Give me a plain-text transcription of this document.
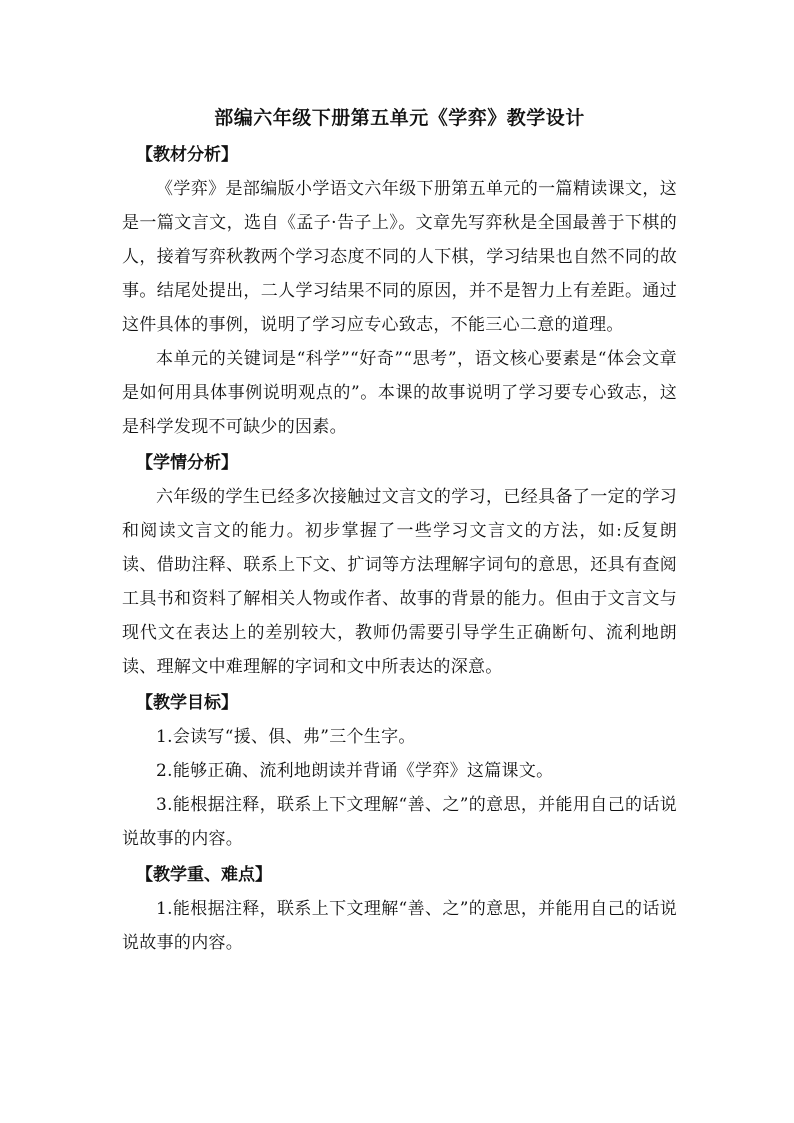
部编六年级下册第五单元《学弈》教学设计

【教材分析】

《学弈》是部编版小学语文六年级下册第五单元的一篇精读课文，这是一篇文言文，选自《孟子·告子上》。文章先写弈秋是全国最善于下棋的人，接着写弈秋教两个学习态度不同的人下棋，学习结果也自然不同的故事。结尾处提出，二人学习结果不同的原因，并不是智力上有差距。通过这件具体的事例，说明了学习应专心致志，不能三心二意的道理。

本单元的关键词是“科学”“好奇”“思考”，语文核心要素是“体会文章是如何用具体事例说明观点的”。本课的故事说明了学习要专心致志，这是科学发现不可缺少的因素。

【学情分析】

六年级的学生已经多次接触过文言文的学习，已经具备了一定的学习和阅读文言文的能力。初步掌握了一些学习文言文的方法，如:反复朗读、借助注释、联系上下文、扩词等方法理解字词句的意思，还具有查阅工具书和资料了解相关人物或作者、故事的背景的能力。但由于文言文与现代文在表达上的差别较大，教师仍需要引导学生正确断句、流利地朗读、理解文中难理解的字词和文中所表达的深意。

【教学目标】

1.会读写“援、俱、弗”三个生字。

2.能够正确、流利地朗读并背诵《学弈》这篇课文。

3.能根据注释，联系上下文理解“善、之”的意思，并能用自己的话说说故事的内容。

【教学重、难点】

1.能根据注释，联系上下文理解“善、之”的意思，并能用自己的话说说故事的内容。
